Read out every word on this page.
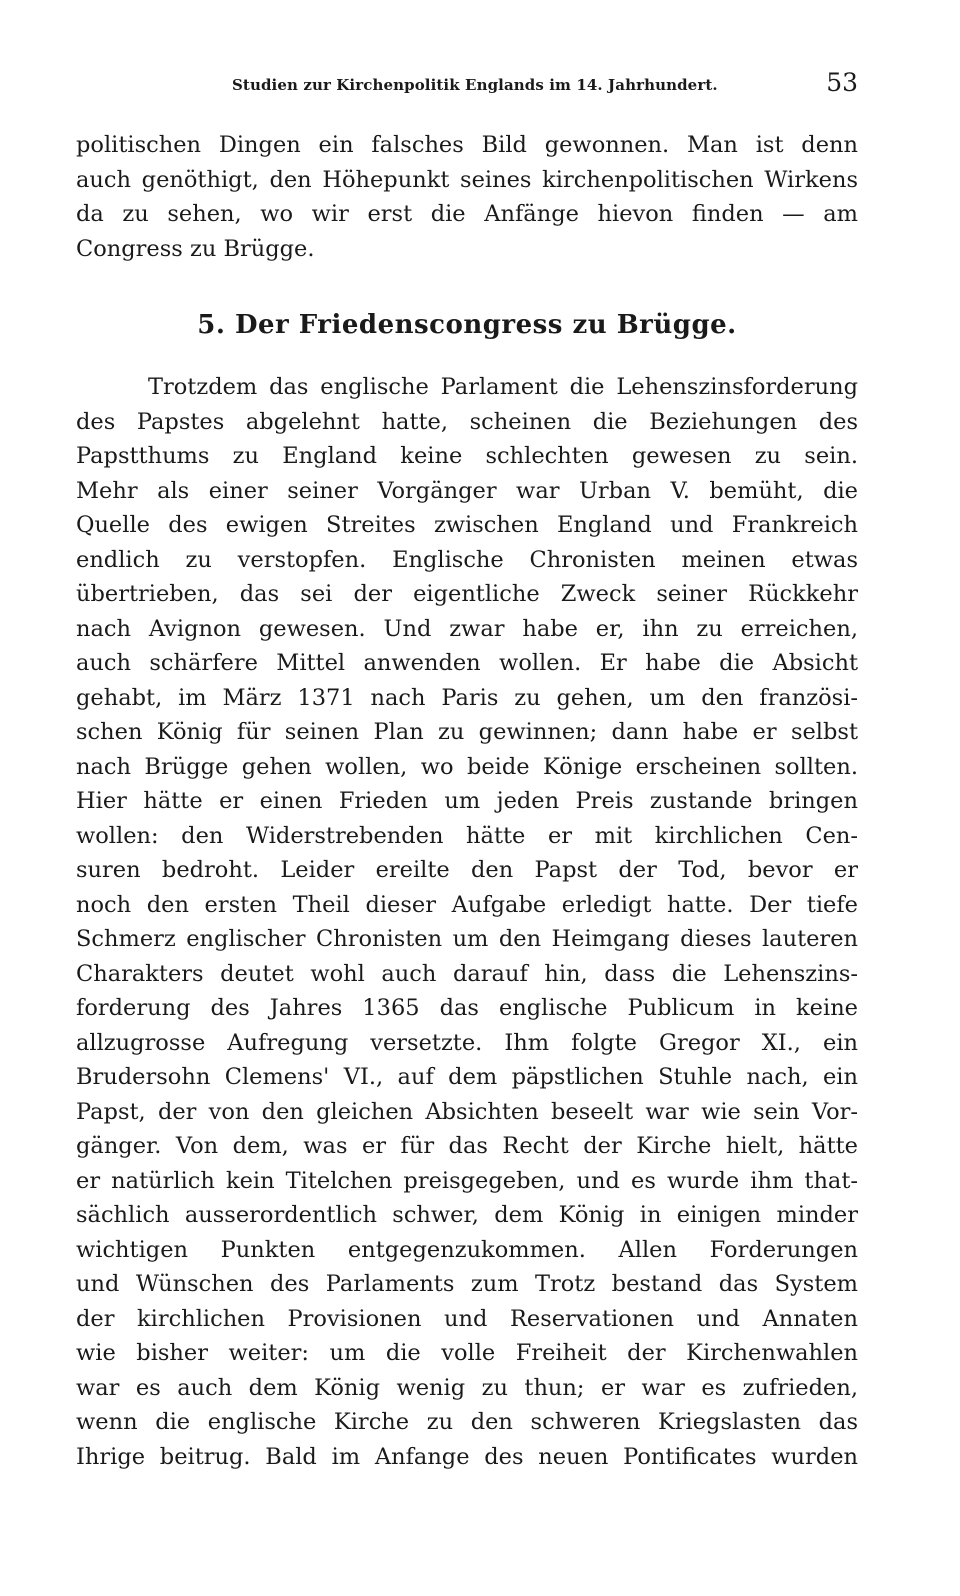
Studien zur Kirchenpolitik Englands im 14. Jahrhundert.	53
politischen Dingen ein falsches Bild gewonnen. Man ist denn
auch genöthigt, den Höhepunkt seines kirchenpolitischen Wirkens
da zu sehen, wo wir erst die Anfänge hievon finden — am
Congress zu Brügge.
5. Der Friedenscongress zu Brügge.
Trotzdem das englische Parlament die Lehenszinsforderung
des Papstes abgelehnt hatte, scheinen die Beziehungen des
Papstthums zu England keine schlechten gewesen zu sein.
Mehr als einer seiner Vorgänger war Urban V. bemüht, die
Quelle des ewigen Streites zwischen England und Frankreich
endlich zu verstopfen. Englische Chronisten meinen etwas
übertrieben, das sei der eigentliche Zweck seiner Rückkehr
nach Avignon gewesen. Und zwar habe er, ihn zu erreichen,
auch schärfere Mittel anwenden wollen. Er habe die Absicht
gehabt, im März 1371 nach Paris zu gehen, um den französi-
schen König für seinen Plan zu gewinnen; dann habe er selbst
nach Brügge gehen wollen, wo beide Könige erscheinen sollten.
Hier hätte er einen Frieden um jeden Preis zustande bringen
wollen: den Widerstrebenden hätte er mit kirchlichen Cen-
suren bedroht. Leider ereilte den Papst der Tod, bevor er
noch den ersten Theil dieser Aufgabe erledigt hatte. Der tiefe
Schmerz englischer Chronisten um den Heimgang dieses lauteren
Charakters deutet wohl auch darauf hin, dass die Lehenszins-
forderung des Jahres 1365 das englische Publicum in keine
allzugrosse Aufregung versetzte. Ihm folgte Gregor XI., ein
Brudersohn Clemens' VI., auf dem päpstlichen Stuhle nach, ein
Papst, der von den gleichen Absichten beseelt war wie sein Vor-
gänger. Von dem, was er für das Recht der Kirche hielt, hätte
er natürlich kein Titelchen preisgegeben, und es wurde ihm that-
sächlich ausserordentlich schwer, dem König in einigen minder
wichtigen Punkten entgegenzukommen. Allen Forderungen
und Wünschen des Parlaments zum Trotz bestand das System
der kirchlichen Provisionen und Reservationen und Annaten
wie bisher weiter: um die volle Freiheit der Kirchenwahlen
war es auch dem König wenig zu thun; er war es zufrieden,
wenn die englische Kirche zu den schweren Kriegslasten das
Ihrige beitrug. Bald im Anfange des neuen Pontificates wurden
